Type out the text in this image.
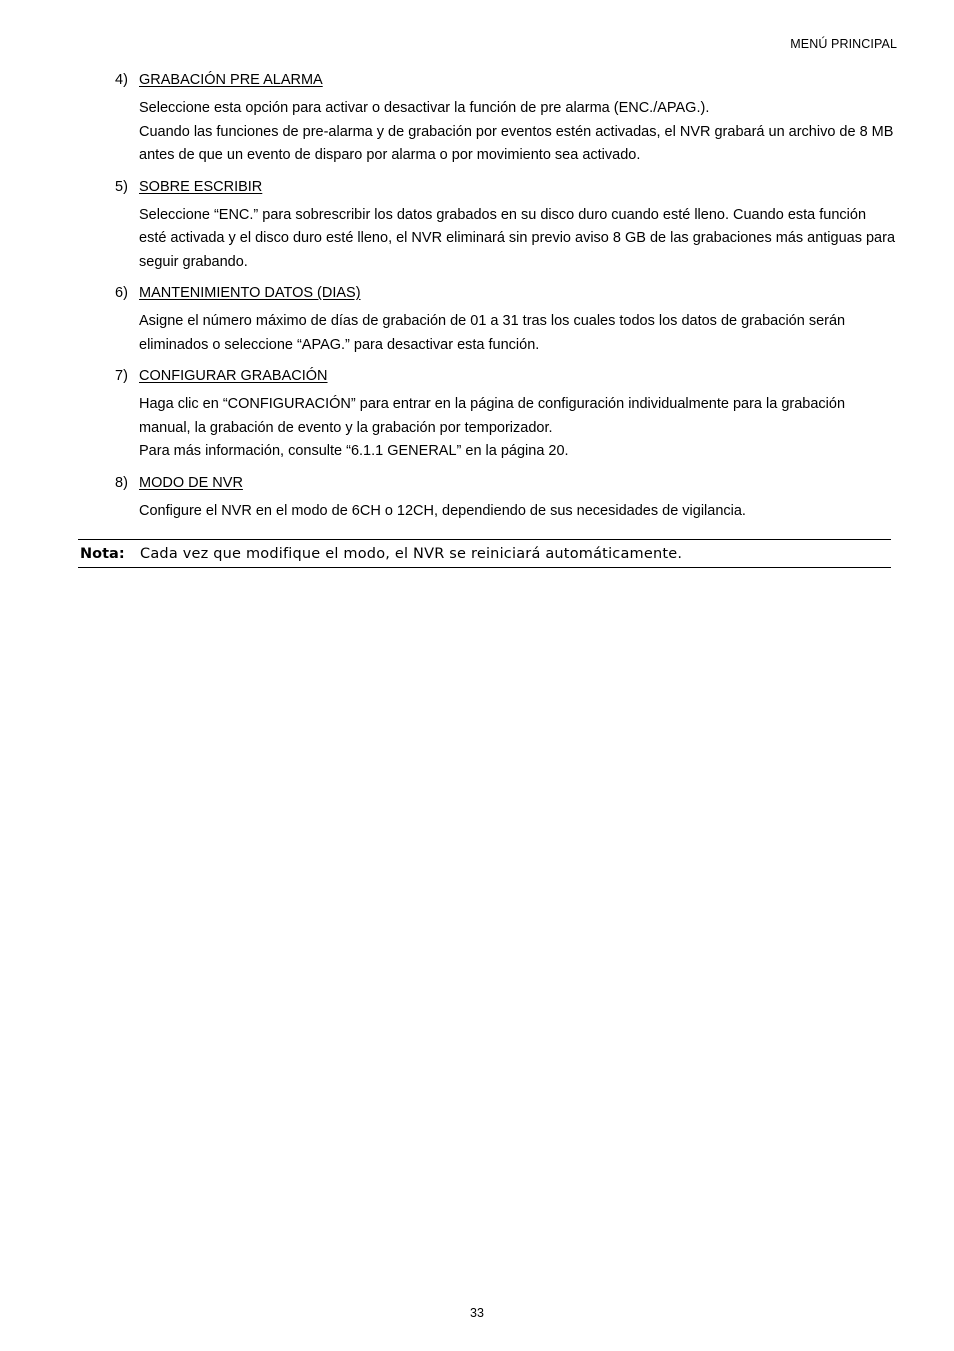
MENÚ PRINCIPAL
4) GRABACIÓN PRE ALARMA

Seleccione esta opción para activar o desactivar la función de pre alarma (ENC./APAG.).

Cuando las funciones de pre-alarma y de grabación por eventos estén activadas, el NVR grabará un archivo de 8 MB antes de que un evento de disparo por alarma o por movimiento sea activado.

5) SOBRE ESCRIBIR

Seleccione “ENC.” para sobrescribir los datos grabados en su disco duro cuando esté lleno. Cuando esta función esté activada y el disco duro esté lleno, el NVR eliminará sin previo aviso 8 GB de las grabaciones más antiguas para seguir grabando.

6) MANTENIMIENTO DATOS (DIAS)

Asigne el número máximo de días de grabación de 01 a 31 tras los cuales todos los datos de grabación serán eliminados o seleccione “APAG.” para desactivar esta función.

7) CONFIGURAR GRABACIÓN

Haga clic en “CONFIGURACIÓN” para entrar en la página de configuración individualmente para la grabación manual, la grabación de evento y la grabación por temporizador.

Para más información, consulte “6.1.1 GENERAL” en la página 20.

8) MODO DE NVR

Configure el NVR en el modo de 6CH o 12CH, dependiendo de sus necesidades de vigilancia.

Nota:	Cada vez que modifique el modo, el NVR se reiniciará automáticamente.
33
